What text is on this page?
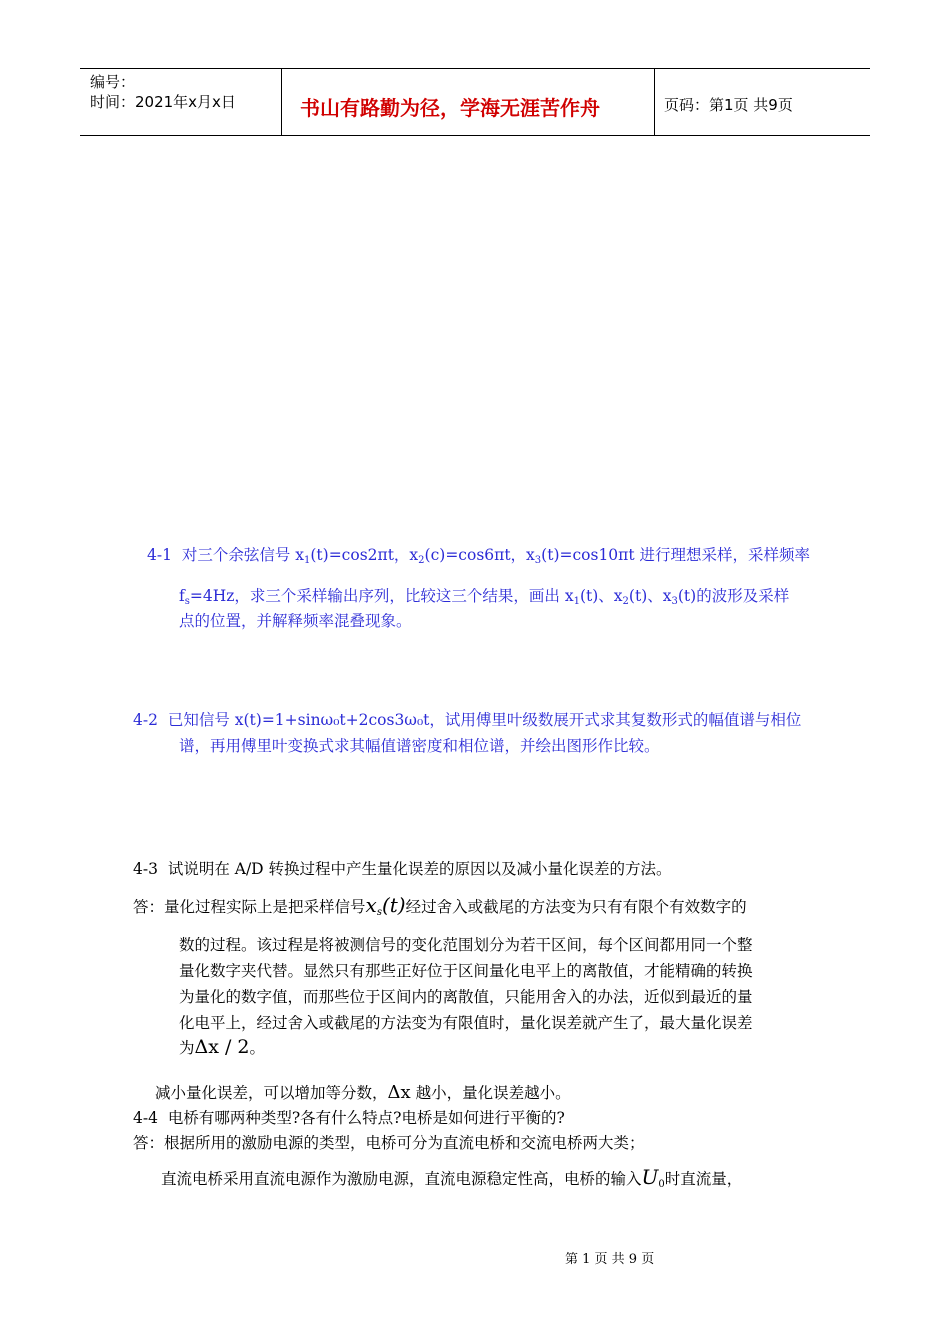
编号：
时间：2021年x月x日	书山有路勤为径，学海无涯苦作舟	页码：第1页 共9页
4-1 对三个余弦信号 $x_1(t)=\cos 2\pi t$，$x_2(c)=\cos 6\pi t$，$x_3(t)=\cos 10\pi t$ 进行理想采样，采样频率
$f_s=4Hz$，求三个采样输出序列，比较这三个结果，画出 $x_1(t)$、$x_2(t)$、$x_3(t)$的波形及采样
点的位置，并解释频率混叠现象。
4-2 已知信号 x(t)=1+sinω₀t+2cos3ω₀t，试用傅里叶级数展开式求其复数形式的幅值谱与相位
谱，再用傅里叶变换式求其幅值谱密度和相位谱，并绘出图形作比较。
4-3 试说明在 A/D 转换过程中产生量化误差的原因以及减小量化误差的方法。
答：量化过程实际上是把采样信号$x_s(t)$经过舍入或截尾的方法变为只有有限个有效数字的
数的过程。该过程是将被测信号的变化范围划分为若干区间，每个区间都用同一个整
量化数字夹代替。显然只有那些正好位于区间量化电平上的离散值，才能精确的转换
为量化的数字值，而那些位于区间内的离散值，只能用舍入的办法，近似到最近的量
化电平上，经过舍入或截尾的方法变为有限值时，量化误差就产生了，最大量化误差
为Δx / 2。
减小量化误差，可以增加等分数，Δx 越小，量化误差越小。
4-4 电桥有哪两种类型?各有什么特点?电桥是如何进行平衡的?
答：根据所用的激励电源的类型，电桥可分为直流电桥和交流电桥两大类；
直流电桥采用直流电源作为激励电源，直流电源稳定性高，电桥的输入$U_0$时直流量，
第 1 页 共 9 页
